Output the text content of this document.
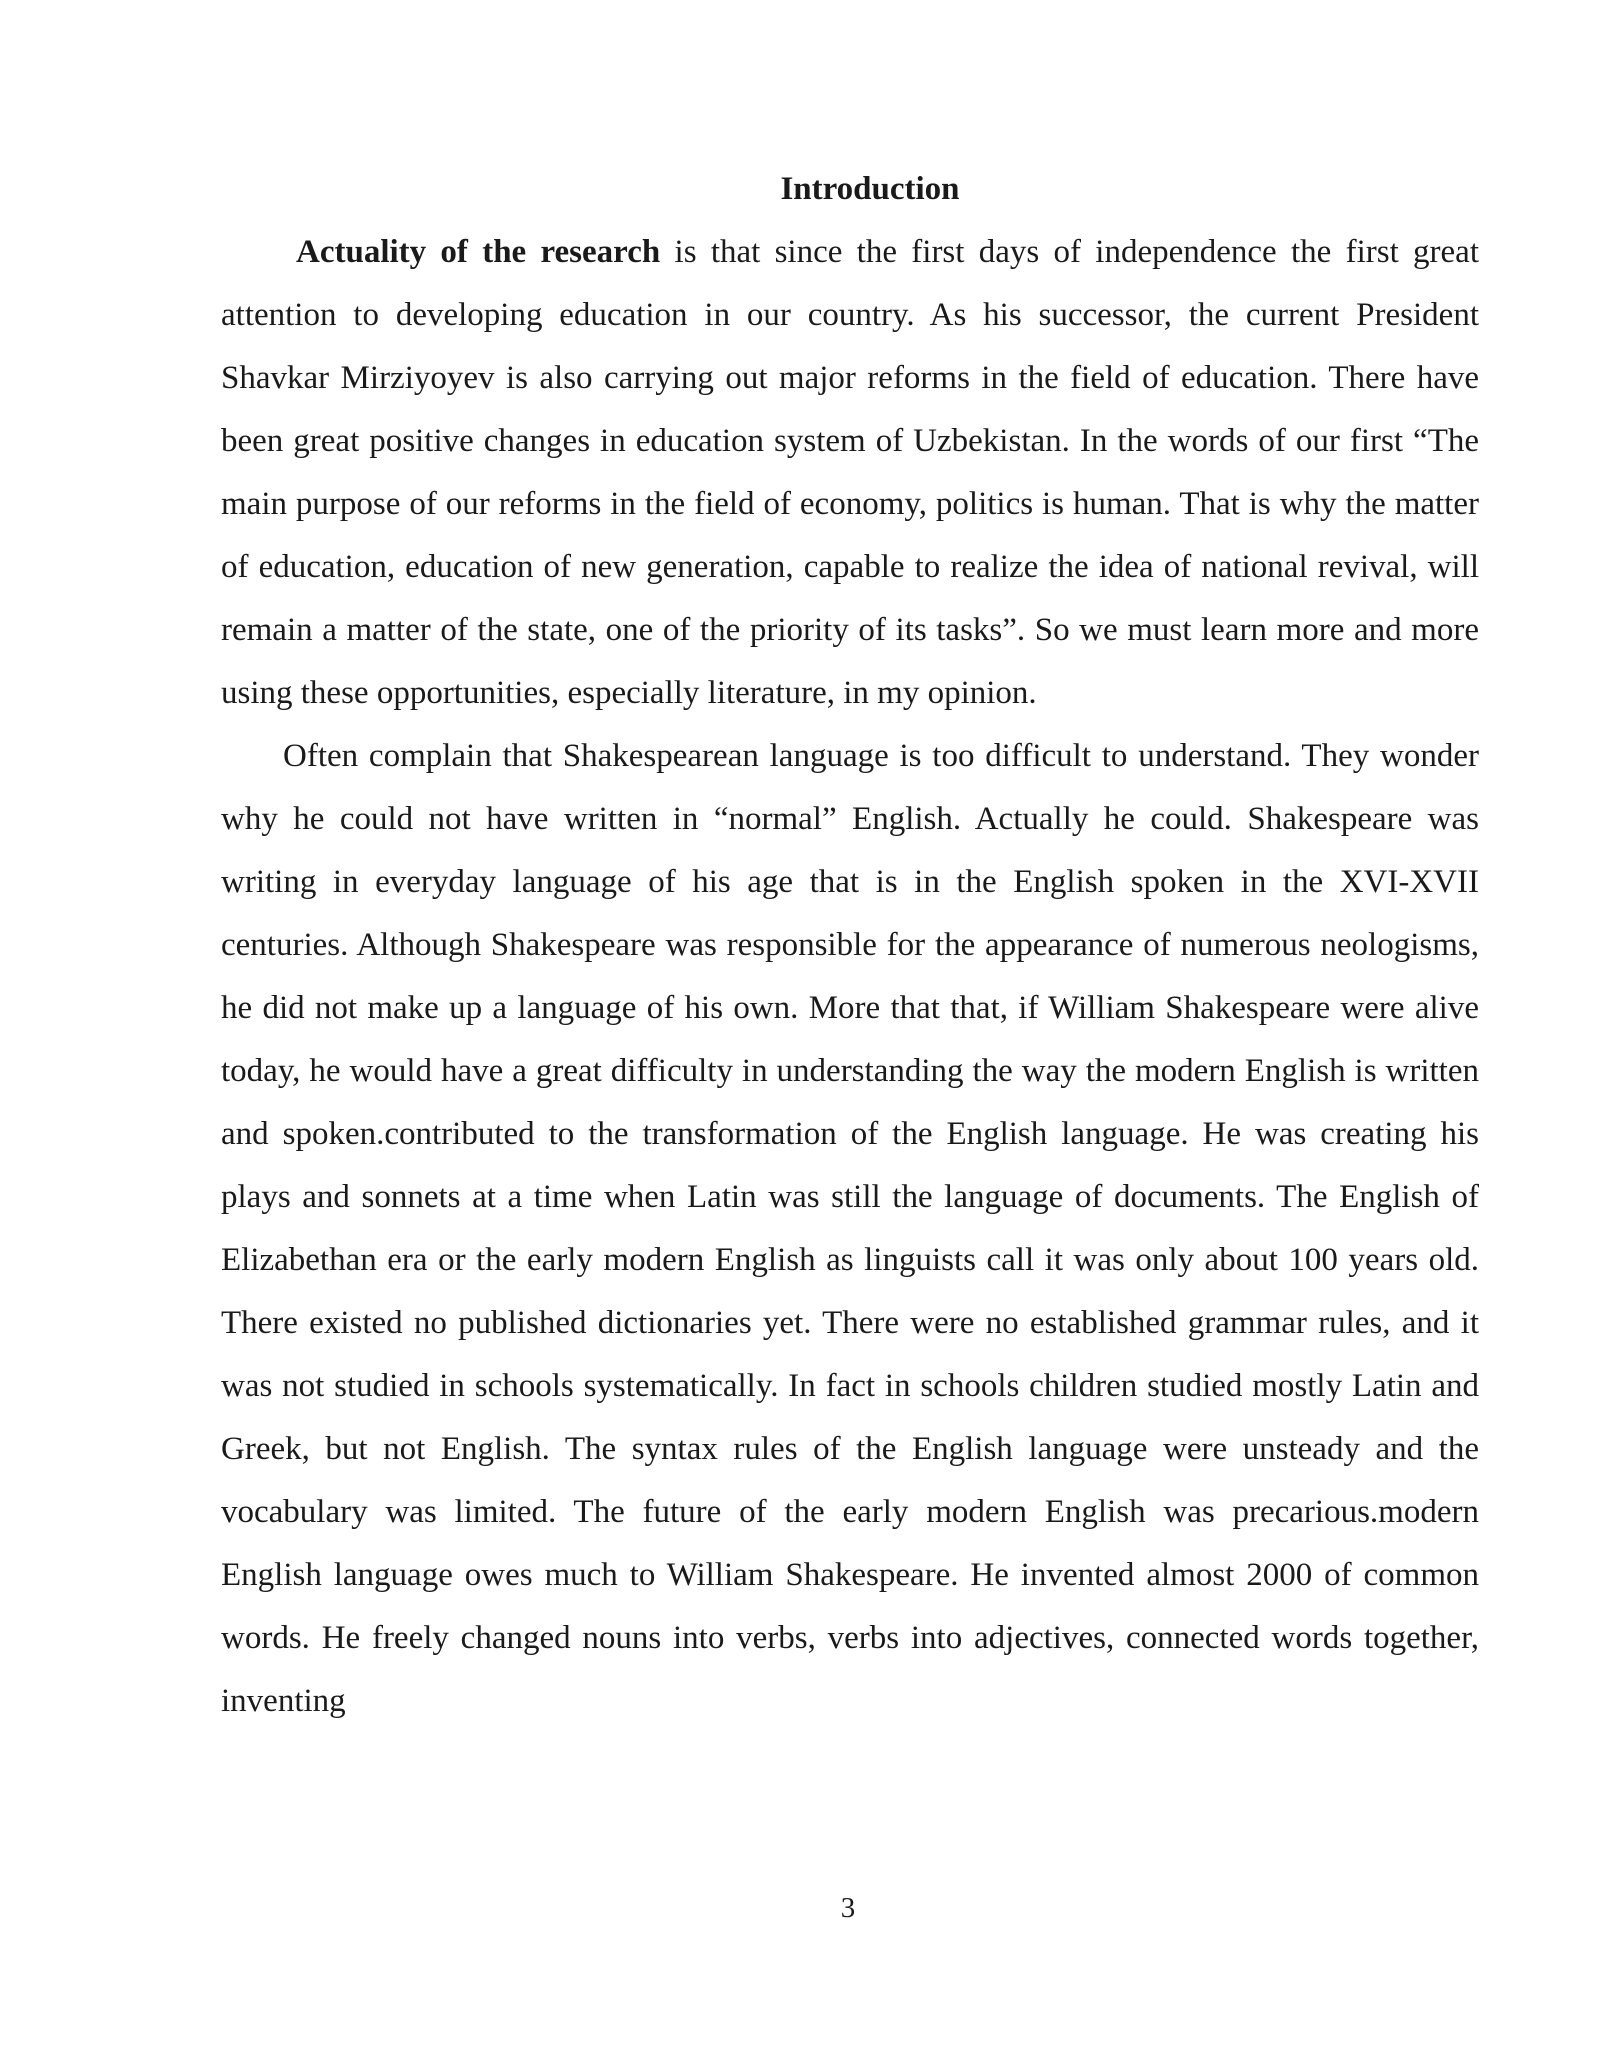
Introduction

Actuality of the research is that since the first days of independence the first great attention to developing education in our country. As his successor, the current President Shavkar Mirziyoyev is also carrying out major reforms in the field of education. There have been great positive changes in education system of Uzbekistan. In the words of our first “The main purpose of our reforms in the field of economy, politics is human. That is why the matter of education, education of new generation, capable to realize the idea of national revival, will remain a matter of the state, one of the priority of its tasks”. So we must learn more and more using these opportunities, especially literature, in my opinion.

Often complain that Shakespearean language is too difficult to understand. They wonder why he could not have written in “normal” English. Actually he could. Shakespeare was writing in everyday language of his age that is in the English spoken in the XVI-XVII centuries. Although Shakespeare was responsible for the appearance of numerous neologisms, he did not make up a language of his own. More that that, if William Shakespeare were alive today, he would have a great difficulty in understanding the way the modern English is written and spoken.contributed to the transformation of the English language. He was creating his plays and sonnets at a time when Latin was still the language of documents. The English of Elizabethan era or the early modern English as linguists call it was only about 100 years old. There existed no published dictionaries yet. There were no established grammar rules, and it was not studied in schools systematically. In fact in schools children studied mostly Latin and Greek, but not English. The syntax rules of the English language were unsteady and the vocabulary was limited. The future of the early modern English was precarious.modern English language owes much to William Shakespeare. He invented almost 2000 of common words. He freely changed nouns into verbs, verbs into adjectives, connected words together, inventing

3
